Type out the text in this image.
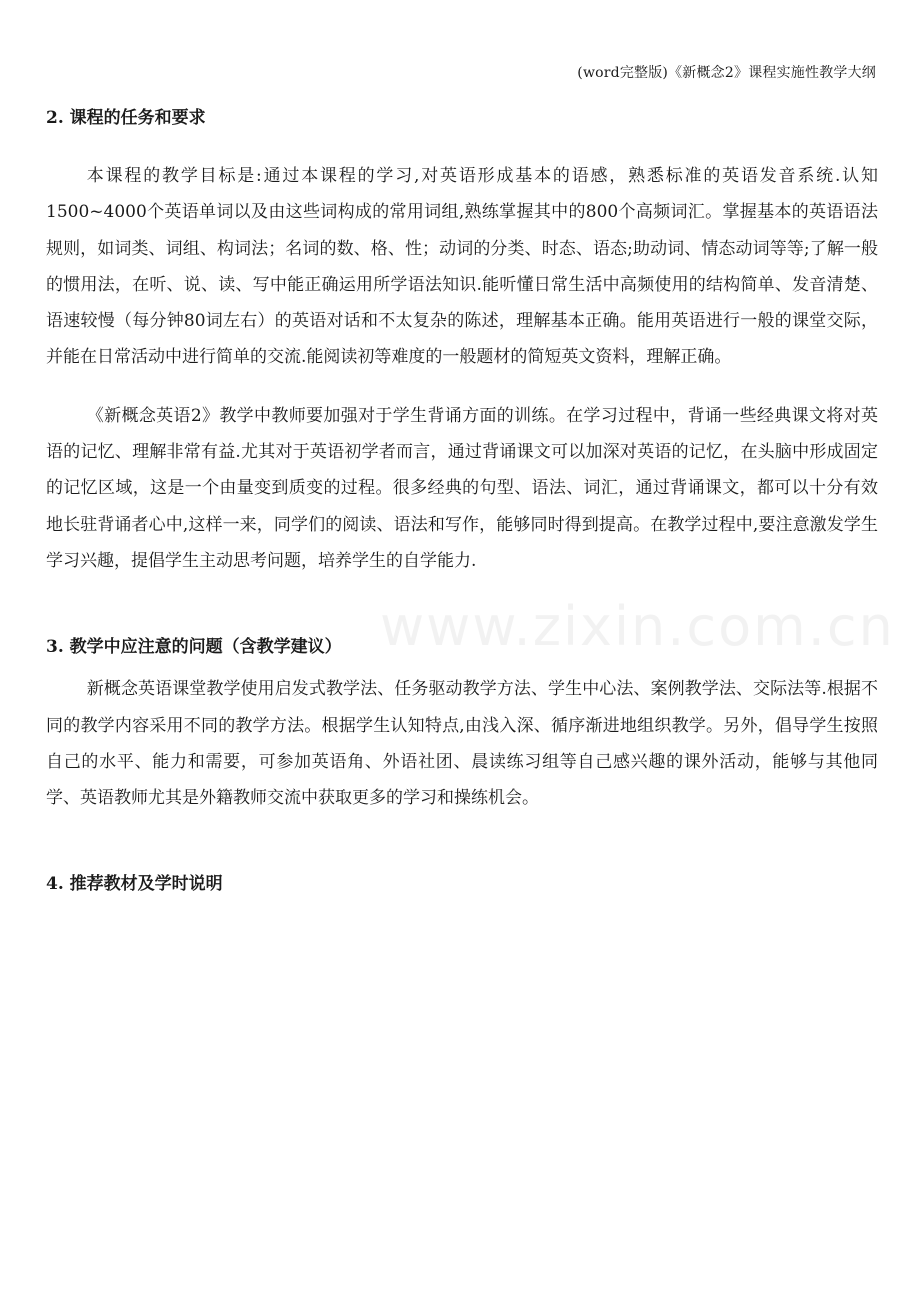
(word完整版)《新概念2》课程实施性教学大纲
www.zixin.com.cn

2. 课程的任务和要求

本课程的教学目标是:通过本课程的学习,对英语形成基本的语感，熟悉标准的英语发音系统.认知1500~4000个英语单词以及由这些词构成的常用词组,熟练掌握其中的800个高频词汇。掌握基本的英语语法规则，如词类、词组、构词法；名词的数、格、性；动词的分类、时态、语态;助动词、情态动词等等;了解一般的惯用法，在听、说、读、写中能正确运用所学语法知识.能听懂日常生活中高频使用的结构简单、发音清楚、语速较慢（每分钟80词左右）的英语对话和不太复杂的陈述，理解基本正确。能用英语进行一般的课堂交际，并能在日常活动中进行简单的交流.能阅读初等难度的一般题材的简短英文资料，理解正确。

《新概念英语2》教学中教师要加强对于学生背诵方面的训练。在学习过程中，背诵一些经典课文将对英语的记忆、理解非常有益.尤其对于英语初学者而言，通过背诵课文可以加深对英语的记忆，在头脑中形成固定的记忆区域，这是一个由量变到质变的过程。很多经典的句型、语法、词汇，通过背诵课文，都可以十分有效地长驻背诵者心中,这样一来，同学们的阅读、语法和写作，能够同时得到提高。在教学过程中,要注意激发学生学习兴趣，提倡学生主动思考问题，培养学生的自学能力.

3. 教学中应注意的问题（含教学建议）

新概念英语课堂教学使用启发式教学法、任务驱动教学方法、学生中心法、案例教学法、交际法等.根据不同的教学内容采用不同的教学方法。根据学生认知特点,由浅入深、循序渐进地组织教学。另外，倡导学生按照自己的水平、能力和需要，可参加英语角、外语社团、晨读练习组等自己感兴趣的课外活动，能够与其他同学、英语教师尤其是外籍教师交流中获取更多的学习和操练机会。

4. 推荐教材及学时说明
